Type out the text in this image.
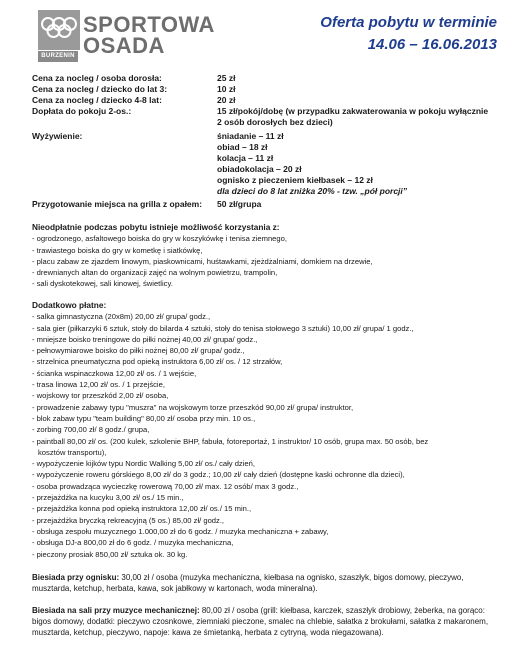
SPORTOWA
OSADA
BURZENIN
Oferta pobytu w terminie
14.06 – 16.06.2013
Cena za nocleg / osoba dorosła:	25 zł
Cena za nocleg / dziecko do lat 3:	10 zł
Cena za nocleg / dziecko 4-8 lat:	20 zł
Dopłata do pokoju 2-os.:	15 zł/pokój/dobę (w przypadku zakwaterowania w pokoju wyłącznie
2 osób dorosłych bez dzieci)
Wyżywienie:	śniadanie – 11 zł
obiad – 18 zł
kolacja – 11 zł
obiadokolacja – 20 zł
ognisko z pieczeniem kiełbasek – 12 zł
dla dzieci do 8 lat zniżka 20% - tzw. „pół porcji”
Przygotowanie miejsca na grilla z opałem:	50 zł/grupa
Nieodpłatnie podczas pobytu istnieje możliwość korzystania z:
- ogrodzonego, asfaltowego boiska do gry w koszykówkę i tenisa ziemnego,
- trawiastego boiska do gry w kometkę i siatkówkę,
- placu zabaw ze zjazdem linowym, piaskownicami, huśtawkami, zjeżdżalniami, domkiem na drzewie,
- drewnianych altan do organizacji zajęć na wolnym powietrzu, trampolin,
- sali dyskotekowej, sali kinowej, świetlicy.
Dodatkowo płatne:
- salka gimnastyczna (20x8m) 20,00 zł/ grupa/ godz.,
- sala gier (piłkarzyki 6 sztuk, stoły do bilarda 4 sztuki, stoły do tenisa stołowego 3 sztuki) 10,00 zł/ grupa/ 1 godz.,
- mniejsze boisko treningowe do piłki nożnej 40,00 zł/ grupa/ godz.,
- pełnowymiarowe boisko do piłki nożnej 80,00 zł/ grupa/ godz.,
- strzelnica pneumatyczna pod opieką instruktora 6,00 zł/ os. / 12 strzałów,
- ścianka wspinaczkowa 12,00 zł/ os. / 1 wejście,
- trasa linowa 12,00 zł/ os. / 1 przejście,
- wojskowy tor przeszkód 2,00 zł/ osoba,
- prowadzenie zabawy typu "muszra" na wojskowym torze przeszkód 90,00 zł/ grupa/ instruktor,
- blok zabaw typu "team building" 80,00 zł/ osoba przy min. 10 os.,
- zorbing 700,00 zł/ 8 godz./ grupa,
- paintball 80,00 zł/ os. (200 kulek, szkolenie BHP, fabuła, fotoreportaż, 1 instruktor/ 10 osób, grupa max. 50 osób, bez
kosztów transportu),
- wypożyczenie kijków typu Nordic Walking 5,00 zł/ os./ cały dzień,
- wypożyczenie roweru górskiego 8,00 zł/ do 3 godz.; 10,00 zł/ cały dzień (dostępne kaski ochronne dla dzieci),
- osoba prowadząca wycieczkę rowerową 70,00 zł/ max. 12 osób/ max 3 godz.,
- przejażdżka na kucyku 3,00 zł/ os./ 15 min.,
- przejażdżka konna pod opieką instruktora 12,00 zł/ os./ 15 min.,
- przejażdżka bryczką rekreacyjną (5 os.) 85,00 zł/ godz.,
- obsługa zespołu muzycznego 1.000,00 zł do 6 godz. / muzyka mechaniczna + zabawy,
- obsługa DJ-a 800,00 zł do 6 godz. / muzyka mechaniczna,
- pieczony prosiak 850,00 zł/ sztuka ok. 30 kg.
Biesiada przy ognisku: 30,00 zł / osoba (muzyka mechaniczna, kiełbasa na ognisko, szaszłyk, bigos domowy, pieczywo, musztarda, ketchup, herbata, kawa, sok jabłkowy w kartonach, woda mineralna).
Biesiada na sali przy muzyce mechanicznej: 80,00 zł / osoba (grill: kiełbasa, karczek, szaszłyk drobiowy, żeberka, na gorąco: bigos domowy, dodatki: pieczywo czosnkowe, ziemniaki pieczone, smalec na chlebie, sałatka z brokułami, sałatka z makaronem, musztarda, ketchup, pieczywo, napoje: kawa ze śmietanką, herbata z cytryną, woda niegazowana).
